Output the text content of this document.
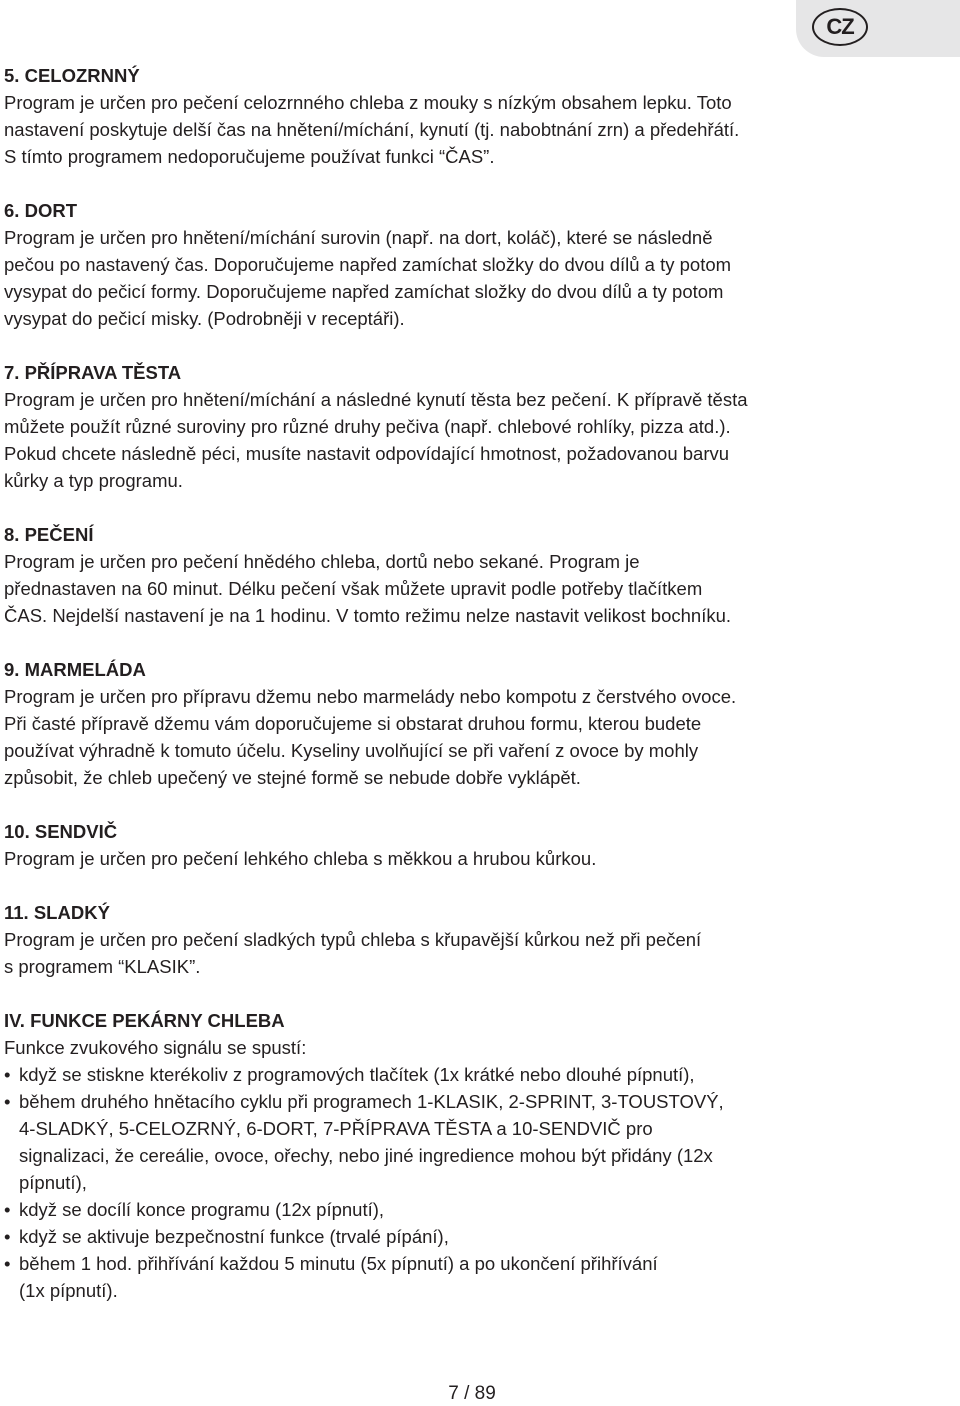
CZ
5. CELOZRNNÝ
Program je určen pro pečení celozrnného chleba z mouky s nízkým obsahem lepku. Toto
nastavení poskytuje delší čas na hnětení/míchání, kynutí (tj. nabobtnání zrn) a předehřátí.
S tímto programem nedoporučujeme používat funkci “ČAS”.
6. DORT
Program je určen pro hnětení/míchání surovin (např. na dort, koláč), které se následně
pečou po nastavený čas. Doporučujeme napřed zamíchat složky do dvou dílů a ty potom
vysypat do pečicí formy. Doporučujeme napřed zamíchat složky do dvou dílů a ty potom
vysypat do pečicí misky. (Podrobněji v receptáři).
7. PŘÍPRAVA TĚSTA
Program je určen pro hnětení/míchání a následné kynutí těsta bez pečení. K přípravě těsta
můžete použít různé suroviny pro různé druhy pečiva (např. chlebové rohlíky, pizza atd.).
Pokud chcete následně péci, musíte nastavit odpovídající hmotnost, požadovanou barvu
kůrky a typ programu.
8. PEČENÍ
Program je určen pro pečení hnědého chleba, dortů nebo sekané. Program je
přednastaven na 60 minut. Délku pečení však můžete upravit podle potřeby tlačítkem
ČAS. Nejdelší nastavení je na 1 hodinu. V tomto režimu nelze nastavit velikost bochníku.
9. MARMELÁDA
Program je určen pro přípravu džemu nebo marmelády nebo kompotu z čerstvého ovoce.
Při časté přípravě džemu vám doporučujeme si obstarat druhou formu, kterou budete
používat výhradně k tomuto účelu. Kyseliny uvolňující se při vaření z ovoce by mohly
způsobit, že chleb upečený ve stejné formě se nebude dobře vyklápět.
10. SENDVIČ
Program je určen pro pečení lehkého chleba s měkkou a hrubou kůrkou.
11. SLADKÝ
Program je určen pro pečení sladkých typů chleba s křupavější kůrkou než při pečení
s programem “KLASIK”.
IV. FUNKCE PEKÁRNY CHLEBA
Funkce zvukového signálu se spustí:
• když se stiskne kterékoliv z programových tlačítek (1x krátké nebo dlouhé pípnutí),
• během druhého hnětacího cyklu při programech 1-KLASIK, 2-SPRINT, 3-TOUSTOVÝ,
4-SLADKÝ, 5-CELOZRNÝ, 6-DORT, 7-PŘÍPRAVA TĚSTA a 10-SENDVIČ pro
signalizaci, že cereálie, ovoce, ořechy, nebo jiné ingredience mohou být přidány (12x
pípnutí),
• když se docílí konce programu (12x pípnutí),
• když se aktivuje bezpečnostní funkce (trvalé pípání),
• během 1 hod. přihřívání každou 5 minutu (5x pípnutí) a po ukončení přihřívání
(1x pípnutí).
7 / 89
